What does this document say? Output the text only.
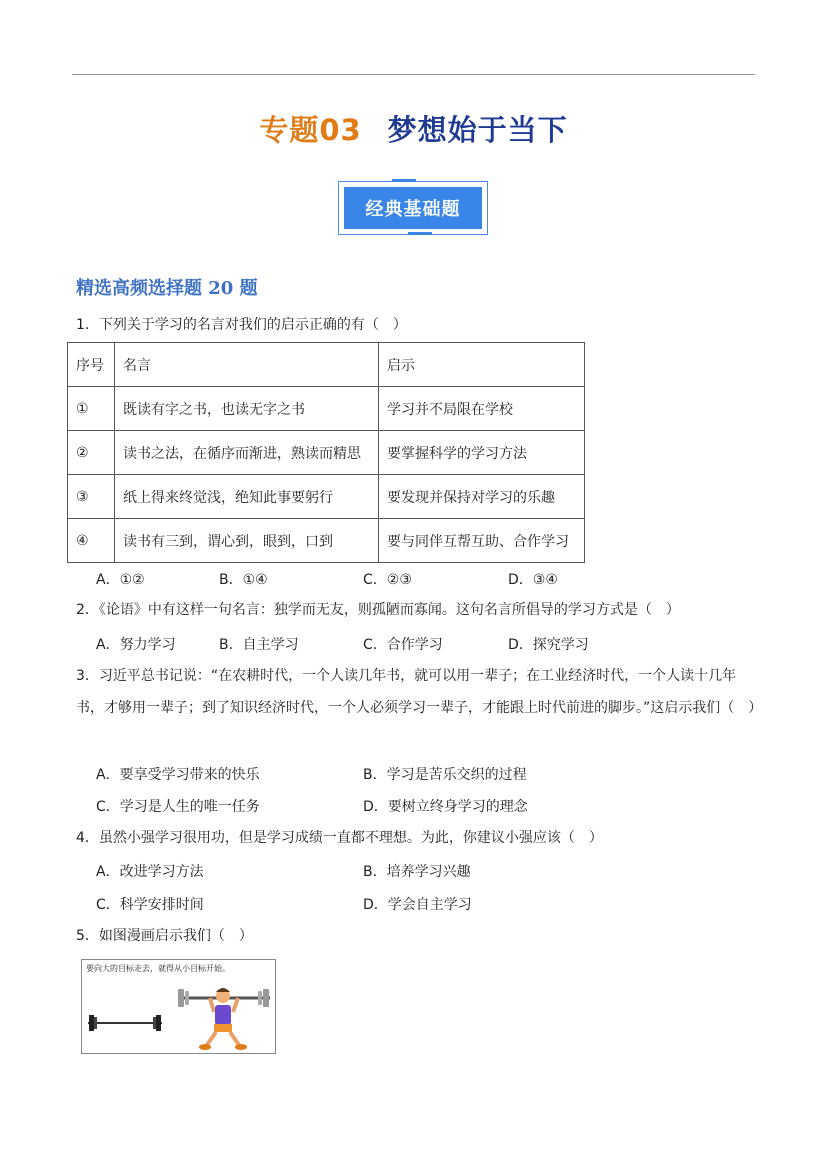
专题03 梦想始于当下
经典基础题
精选高频选择题 20 题
1．下列关于学习的名言对我们的启示正确的有（　）
序号	名言	启示
①	既读有字之书，也读无字之书	学习并不局限在学校
②	读书之法，在循序而渐进，熟读而精思	要掌握科学的学习方法
③	纸上得来终觉浅，绝知此事要躬行	要发现并保持对学习的乐趣
④	读书有三到，谓心到，眼到，口到	要与同伴互帮互助、合作学习
A．①②	B．①④	C．②③	D．③④
2．《论语》中有这样一句名言：独学而无友，则孤陋而寡闻。这句名言所倡导的学习方式是（　）
A．努力学习	B．自主学习	C．合作学习	D．探究学习
3．习近平总书记说：“在农耕时代，一个人读几年书，就可以用一辈子；在工业经济时代，一个人读十几年书，才够用一辈子；到了知识经济时代，一个人必须学习一辈子，才能跟上时代前进的脚步。”这启示我们（　）
A．要享受学习带来的快乐	B．学习是苦乐交织的过程
C．学习是人生的唯一任务	D．要树立终身学习的理念
4．虽然小强学习很用功，但是学习成绩一直都不理想。为此，你建议小强应该（　）
A．改进学习方法	B．培养学习兴趣
C．科学安排时间	D．学会自主学习
5．如图漫画启示我们（　）
要向大的目标走去，就得从小目标开始。
